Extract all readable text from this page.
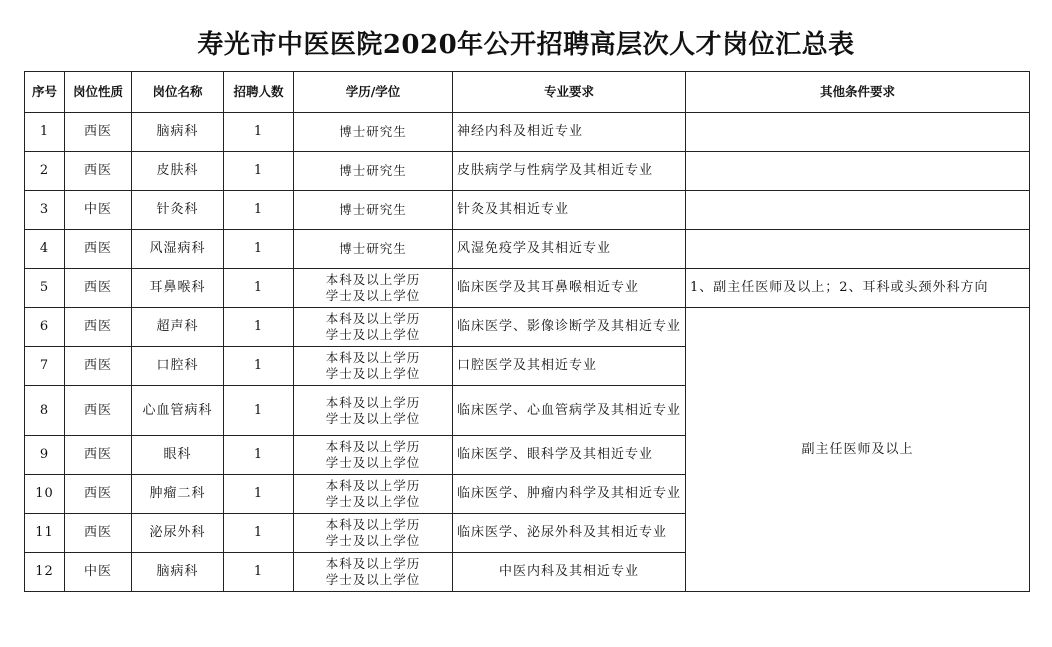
寿光市中医医院2020年公开招聘高层次人才岗位汇总表
序号	岗位性质	岗位名称	招聘人数	学历/学位	专业要求	其他条件要求
1	西医	脑病科	1	博士研究生	神经内科及相近专业	
2	西医	皮肤科	1	博士研究生	皮肤病学与性病学及其相近专业	
3	中医	针灸科	1	博士研究生	针灸及其相近专业	
4	西医	风湿病科	1	博士研究生	风湿免疫学及其相近专业	
5	西医	耳鼻喉科	1	本科及以上学历
学士及以上学位	临床医学及其耳鼻喉相近专业	1、副主任医师及以上；2、耳科或头颈外科方向
6	西医	超声科	1	本科及以上学历
学士及以上学位	临床医学、影像诊断学及其相近专业	副主任医师及以上
7	西医	口腔科	1	本科及以上学历
学士及以上学位	口腔医学及其相近专业	
8	西医	心血管病科	1	本科及以上学历
学士及以上学位	临床医学、心血管病学及其相近专业	
9	西医	眼科	1	本科及以上学历
学士及以上学位	临床医学、眼科学及其相近专业	
10	西医	肿瘤二科	1	本科及以上学历
学士及以上学位	临床医学、肿瘤内科学及其相近专业	
11	西医	泌尿外科	1	本科及以上学历
学士及以上学位	临床医学、泌尿外科及其相近专业	
12	中医	脑病科	1	本科及以上学历
学士及以上学位	中医内科及其相近专业	
